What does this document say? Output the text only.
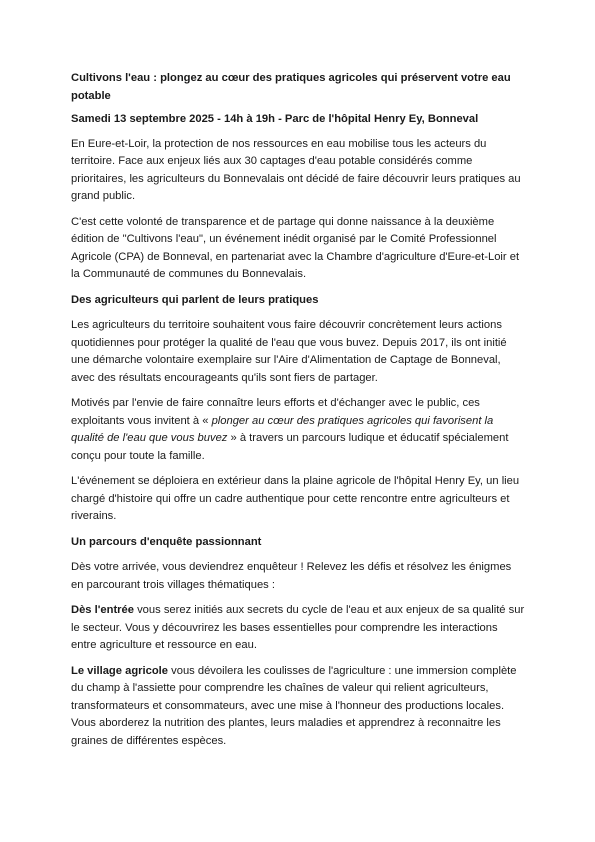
Cultivons l'eau : plongez au cœur des pratiques agricoles qui préservent votre eau potable

Samedi 13 septembre 2025 - 14h à 19h - Parc de l'hôpital Henry Ey, Bonneval

En Eure-et-Loir, la protection de nos ressources en eau mobilise tous les acteurs du territoire. Face aux enjeux liés aux 30 captages d'eau potable considérés comme prioritaires, les agriculteurs du Bonnevalais ont décidé de faire découvrir leurs pratiques au grand public.

C'est cette volonté de transparence et de partage qui donne naissance à la deuxième édition de "Cultivons l'eau", un événement inédit organisé par le Comité Professionnel Agricole (CPA) de Bonneval, en partenariat avec la Chambre d'agriculture d'Eure-et-Loir et la Communauté de communes du Bonnevalais.

Des agriculteurs qui parlent de leurs pratiques

Les agriculteurs du territoire souhaitent vous faire découvrir concrètement leurs actions quotidiennes pour protéger la qualité de l'eau que vous buvez. Depuis 2017, ils ont initié une démarche volontaire exemplaire sur l'Aire d'Alimentation de Captage de Bonneval, avec des résultats encourageants qu'ils sont fiers de partager.

Motivés par l'envie de faire connaître leurs efforts et d'échanger avec le public, ces exploitants vous invitent à « plonger au cœur des pratiques agricoles qui favorisent la qualité de l'eau que vous buvez » à travers un parcours ludique et éducatif spécialement conçu pour toute la famille.

L'événement se déploiera en extérieur dans la plaine agricole de l'hôpital Henry Ey, un lieu chargé d'histoire qui offre un cadre authentique pour cette rencontre entre agriculteurs et riverains.

Un parcours d'enquête passionnant

Dès votre arrivée, vous deviendrez enquêteur ! Relevez les défis et résolvez les énigmes en parcourant trois villages thématiques :

Dès l'entrée vous serez initiés aux secrets du cycle de l'eau et aux enjeux de sa qualité sur le secteur. Vous y découvrirez les bases essentielles pour comprendre les interactions entre agriculture et ressource en eau.

Le village agricole vous dévoilera les coulisses de l'agriculture : une immersion complète du champ à l'assiette pour comprendre les chaînes de valeur qui relient agriculteurs, transformateurs et consommateurs, avec une mise à l'honneur des productions locales. Vous aborderez la nutrition des plantes, leurs maladies et apprendrez à reconnaitre les graines de différentes espèces.
